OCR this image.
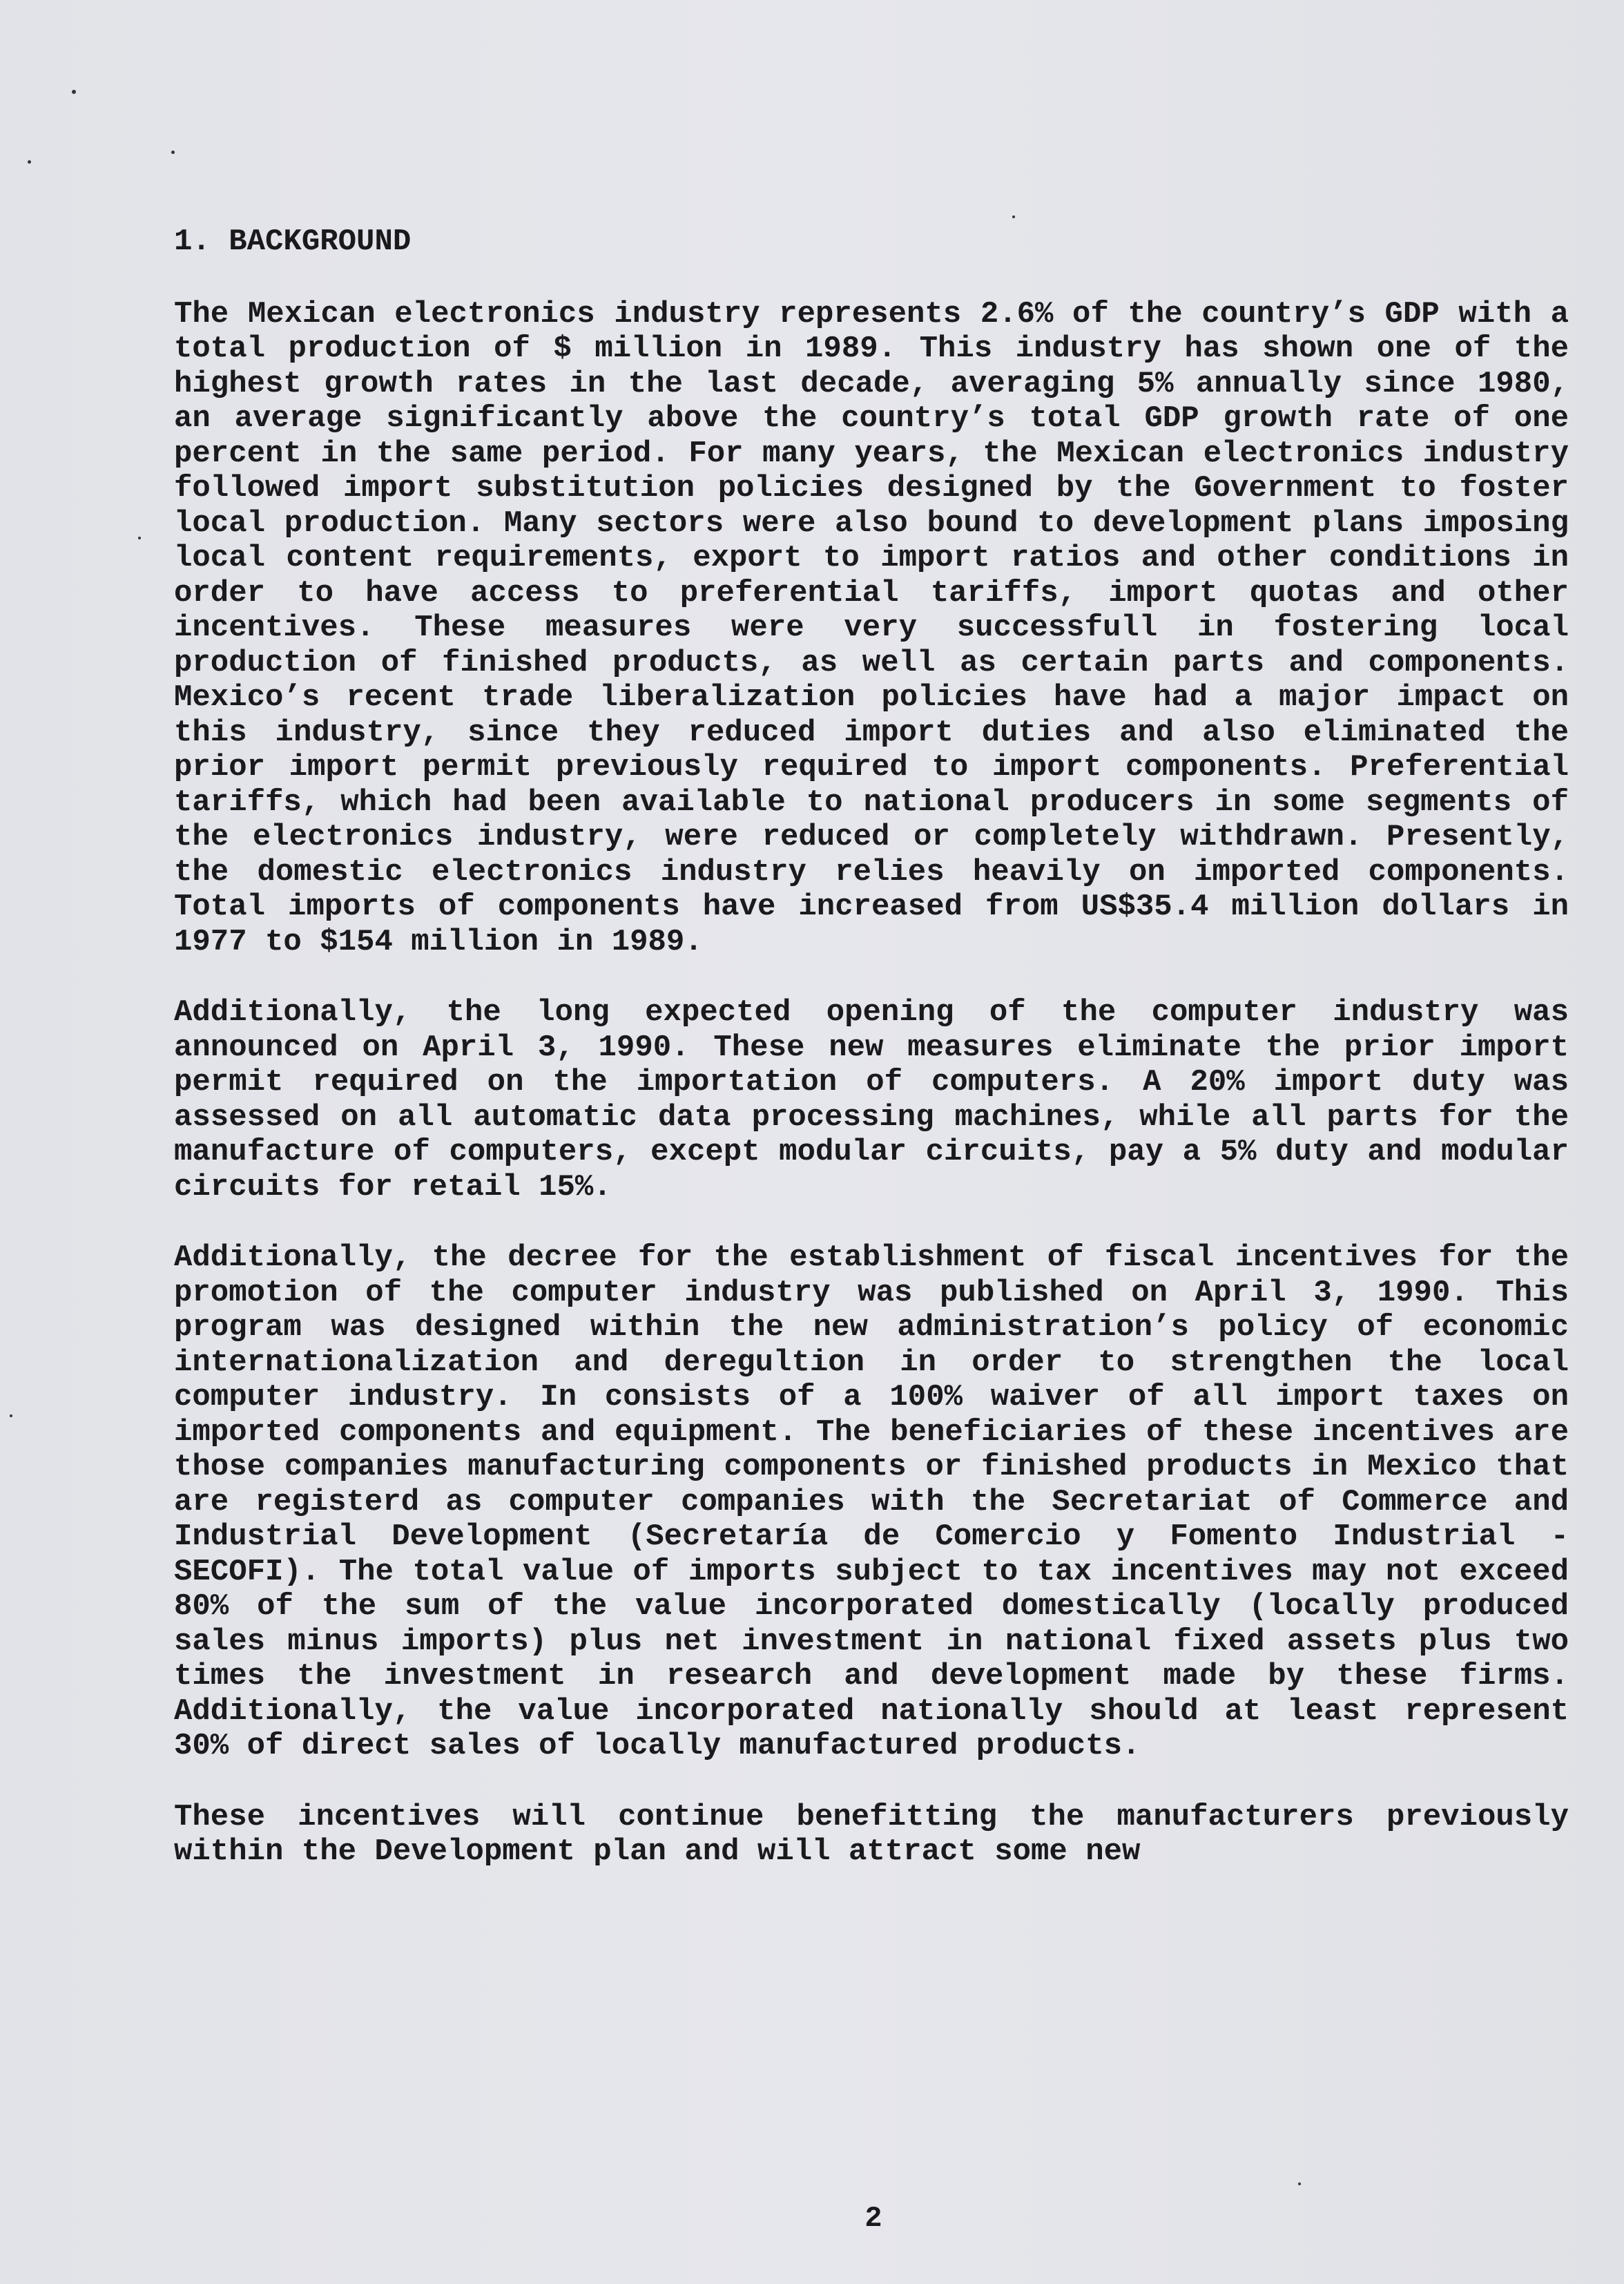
1. BACKGROUND

The Mexican electronics industry represents 2.6% of the country’s GDP with a total production of $ million in 1989. This industry has shown one of the highest growth rates in the last decade, averaging 5% annually since 1980, an average significantly above the country’s total GDP growth rate of one percent in the same period. For many years, the Mexican electronics industry followed import substitution policies designed by the Government to foster local production. Many sectors were also bound to development plans imposing local content requirements, export to import ratios and other conditions in order to have access to preferential tariffs, import quotas and other incentives. These measures were very successfull in fostering local production of finished products, as well as certain parts and components. Mexico’s recent trade liberalization policies have had a major impact on this industry, since they reduced import duties and also eliminated the prior import permit previously required to import components. Preferential tariffs, which had been available to national producers in some segments of the electronics industry, were reduced or completely withdrawn. Presently, the domestic electronics industry relies heavily on imported components. Total imports of components have increased from US$35.4 million dollars in 1977 to $154 million in 1989.

Additionally, the long expected opening of the computer industry was announced on April 3, 1990. These new measures eliminate the prior import permit required on the importation of computers. A 20% import duty was assessed on all automatic data processing machines, while all parts for the manufacture of computers, except modular circuits, pay a 5% duty and modular circuits for retail 15%.

Additionally, the decree for the establishment of fiscal incentives for the promotion of the computer industry was published on April 3, 1990. This program was designed within the new administration’s policy of economic internationalization and deregultion in order to strengthen the local computer industry. In consists of a 100% waiver of all import taxes on imported components and equipment. The beneficiaries of these incentives are those companies manufacturing components or finished products in Mexico that are registerd as computer companies with the Secretariat of Commerce and Industrial Development (Secretaría de Comercio y Fomento Industrial - SECOFI). The total value of imports subject to tax incentives may not exceed 80% of the sum of the value incorporated domestically (locally produced sales minus imports) plus net investment in national fixed assets plus two times the investment in research and development made by these firms. Additionally, the value incorporated nationally should at least represent 30% of direct sales of locally manufactured products.

These incentives will continue benefitting the manufacturers previously within the Development plan and will attract some new

2
